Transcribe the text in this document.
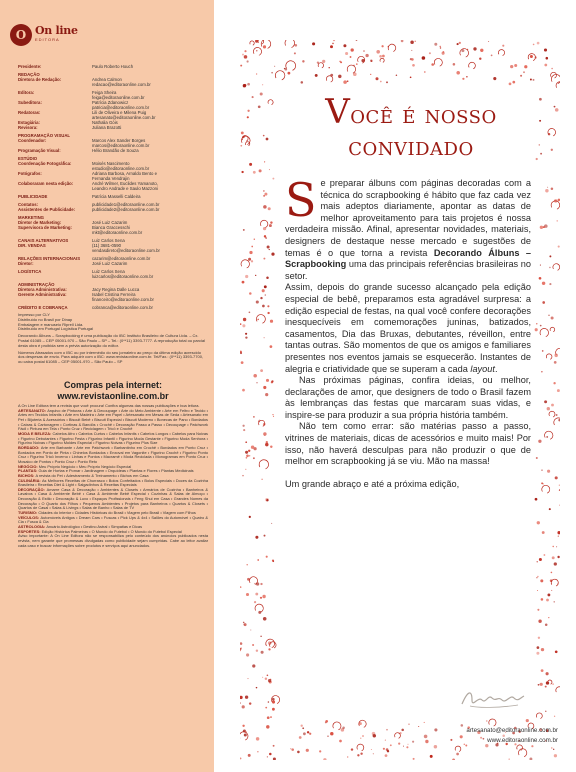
O On line
EDITORA
Presidente:	Paulo Roberto Houch
REDAÇÃO
Diretora de Redação:	Andrea Calmon
redacao@editoraonline.com.br
Editora:	Feiga Sheira
feiga@editoraonline.com.br
Subeditora:	Patrícia Zdanowicz
patricia@editoraonline.com.br
Redatoras:	Lili de Oliveira e Milena Puig
artesanato@editoraonline.com.br
Estagiária:	Nathalia Góis
Revisora:	Juliana Brazotti
PROGRAMAÇÃO VISUAL
Coordenador:	Marcos Alex Sander Borges
marcos@editoraonline.com.br
Programação Visual:	Hélio Brandão de Souza
ESTÚDIO
Coordenação Fotográfica:	Moisés Nascimento
estudio@editoraonline.com.br
Fotógrafos:	Adriana Barbosa, Arnaldo Bento e
Fernanda Vendrajin
Colaboraram nesta edição:	André Wilmer, Euclides Yamanoto,
Leandro Andrade e Saulo Mazzoni
PUBLICIDADE	Patrícia Masselli Caldeira
Contatos:	publicidade1@editoraonline.com.br
Assistentes de Publicidade:	publicidade2@editoraonline.com.br
MARKETING
Diretor de Marketing:	José Luiz Cazarim
Supervisora de Marketing:	Bianca Graccesschi
mkt@editoraonline.com.br
CANAIS ALTERNATIVOS	Luiz Carlos Sena
DIR. VENDAS	(11) 3681-0590
vendasdireto@editoraonline.com.br
RELAÇÕES INTERNACIONAIS	cazarim@editoraonline.com.br
Diretor:	José Luiz Cazarim
LOGÍSTICA	Luiz Carlos Sena
luizcarlos@editoraonline.com.br
ADMINISTRAÇÃO
Diretora Administrativa:	Jacy Regina Dalle Lucca
Gerente Administrativa:	Isabel Cristina Ferreira
financeiro@editoraonline.com.br
CRÉDITO E COBRANÇA	cobranca@editoraonline.com.br
Impresso por CLY
Distribuído no Brasil por Dinap
Embalagem e manuseio Riprell Lida.
Distribuído em Portugal Logística Portugal
Decorando Álbuns – Scrapbooking é uma publicação do IBC Instituto Brasileiro de Cultura Ltda. – Cx. Postal 61085 – CEP 05001-970 – São Paulo – SP – Tel.: (0**11) 3393-7777. A reprodução total ou parcial desta obra é proibida sem a prévia autorização do editor.
Números Atrasados com o IBC ou por intermédio do seu jornaleiro ao preço da última edição acrescido dos despesas de envio. Para adquirir com o IBC: www.revistaonline.com.br. Tel/Fax.: (0**11) 3393-7700, ou caixa postal 61085 – CEP 05001-970 – São Paulo – SP
Compras pela internet:
www.revistaonline.com.br
A On Line Editora tem a revista que você procura! Confira algumas das nossas publicações e boa leitura.
ARTESANATO: Arquivo de Pinturas • Arte & Decoupage • Arte do Meio Ambiente • Arte em Feltro e Tecido • Artes em Tecidos Infantis • Arte em Madeira • Arte em Papel • Artesanato em Mesas de Seda • Artesanato em Pet • Bijuteria & Acessórios • Biscuit Bebê • Biscuit Especial • Biscuit Moderno • Bonecas de Pano • Bordados • Caixas & Cartonagem • Cortinas & Bandôs • Crochê • Decoração Passo a Passo • Decoupage • Patchwork Fácil • Pintura em Tela • Ponto Cruz • Reciclagem • Tricô e Crochê
MODA E BELEZA: Cabelos Afro • Cabelos Curtos • Cabelos Infantis • Cabelos Longos • Cabelos para Noivas • Figurino Debutantes • Figurino Festa • Figurino Infantil • Figurino Moda Gestante • Figurino Moda Senhora • Figurino Noivas • Figurino Moldes Especial • Figurino Noivas • Figurino Plus Size
BORDADO: Arte em Barbante • Arte em Patchwork • Barbantinho em Crochê • Bordados em Ponto Cruz • Bordados em Ponto de Pinta • Chinelos Bordados • Enxoval em Vagonite • Figurino Crochê • Figurino Ponto Cruz • Figurino Tricô Inverno • Linhas e Pontos • Macramê • Moda Reciclada • Monogramas em Ponto Cruz • Mosaico de Pontos • Ponto Cruz • Ponto Reto
NEGÓCIO: Meu Próprio Negócio • Meu Próprio Negócio Especial
PLANTAS: Guia de Hortas e Pomar • Jardinagem • Orquídeas • Plantas e Flores • Plantas Medicinais
BICHOS: A revista do Pet • Adestramento & Treinamento • Bichos em Casa
CULINÁRIA: As Melhores Receitas de Churrasco • Bolos Confeitados • Bolos Especiais • Doces da Cozinha Brasileira • Receitas Diet & Light • Salgadinhos & Receitas Especiais
DECORAÇÃO: Amarre Casa & Decoração • Ambientes & Closets • Armários de Cozinha • Banheiros & Lavabos • Casa & Ambiente Bebê • Casa & Ambiente Bebê Especial • Cozinhas & Salas de Almoço • Decoração & Estilo • Decoração & Luxo • Espaços Profissionais • Feng Shui em Casa • Grandes Nomes da Decoração • O Quarto dos Filhos • Pequenos Ambientes • Projetos para Banheiros • Quartos & Closets • Quartos de Casal • Salas & Livings • Salas de Banho • Salas de TV
TURISMO: Cidades do Interior • Cidades Históricas do Brasil • Viagem pelo Brasil • Viagem com Filhos
VEÍCULOS: Automóveis Antigos • Dream Cars • Fuscas • Pick Ups & 4x4 • Salões do Automóvel • Quatro & Cia • Fusca & Cia
ASTROLOGIA: Anuário Astrológico • Destino Astral • Simpatias e Dicas
ESPORTES: Edição Histórica Palmeiras • O Mundo do Futebol • O Mundo do Futebol Especial
Aviso importante: A On Line Editora não se responsabiliza pelo conteúdo dos anúncios publicados nesta revista, nem garante que promessas divulgadas como publicidade sejam cumpridas. Cabe ao leitor avaliar cada caso e buscar informações sobre produtos e serviços aqui anunciados.
Você é nosso
convidado

Se preparar álbuns com páginas decoradas com a técnica do scrapbooking é hábito que faz cada vez mais adeptos diariamente, apontar as datas de melhor aproveitamento para tais projetos é nossa verdadeira missão. Afinal, apresentar novidades, materiais, designers de destaque nesse mercado e sugestões de temas é o que torna a revista Decorando Álbuns – Scrapbooking uma das principais referências brasileiras no setor.

Assim, depois do grande sucesso alcançado pela edição especial de bebê, preparamos esta agradável surpresa: a edição especial de festas, na qual você confere decorações inesquecíveis em comemorações juninas, batizados, casamentos, Dia das Bruxas, debutantes, réveillon, entre tantas outras. São momentos de que os amigos e familiares presentes nos eventos jamais se esquecerão. Instantes de alegria e criatividade que se superam a cada layout.

Nas próximas páginas, confira ideias, ou melhor, declarações de amor, que designers de todo o Brasil fazem às lembranças das festas que marcaram suas vidas, e inspire-se para produzir a sua própria história também.

Não tem como errar: são matérias passo a passo, vitrines de materiais, dicas de acessórios e muito mais! Por isso, não haverá desculpas para não produzir o que de melhor em scrapbooking já se viu. Mão na massa!

Um grande abraço e até a próxima edição,

artesanato@editoraonline.com.br
www.editoraonline.com.br
